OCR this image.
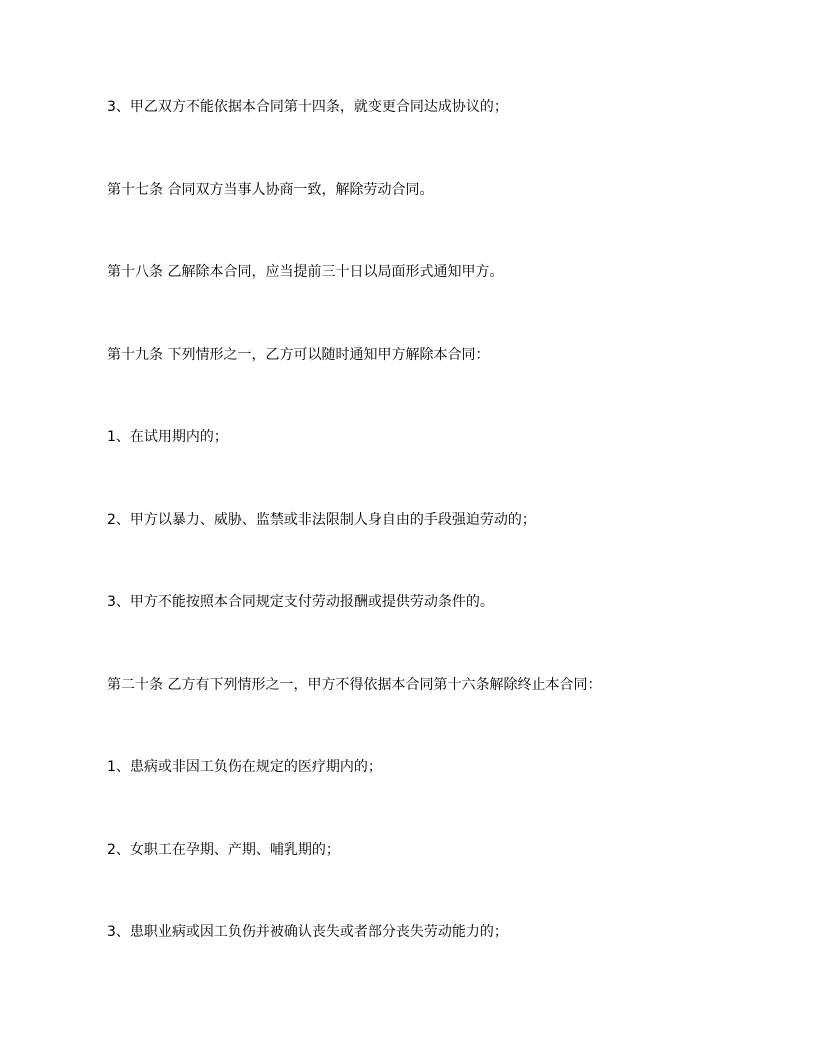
3、甲乙双方不能依据本合同第十四条，就变更合同达成协议的；
第十七条 合同双方当事人协商一致，解除劳动合同。
第十八条 乙解除本合同，应当提前三十日以局面形式通知甲方。
第十九条 下列情形之一，乙方可以随时通知甲方解除本合同：
1、在试用期内的；
2、甲方以暴力、威胁、监禁或非法限制人身自由的手段强迫劳动的；
3、甲方不能按照本合同规定支付劳动报酬或提供劳动条件的。
第二十条 乙方有下列情形之一，甲方不得依据本合同第十六条解除终止本合同：
1、患病或非因工负伤在规定的医疗期内的；
2、女职工在孕期、产期、哺乳期的；
3、患职业病或因工负伤并被确认丧失或者部分丧失劳动能力的；
